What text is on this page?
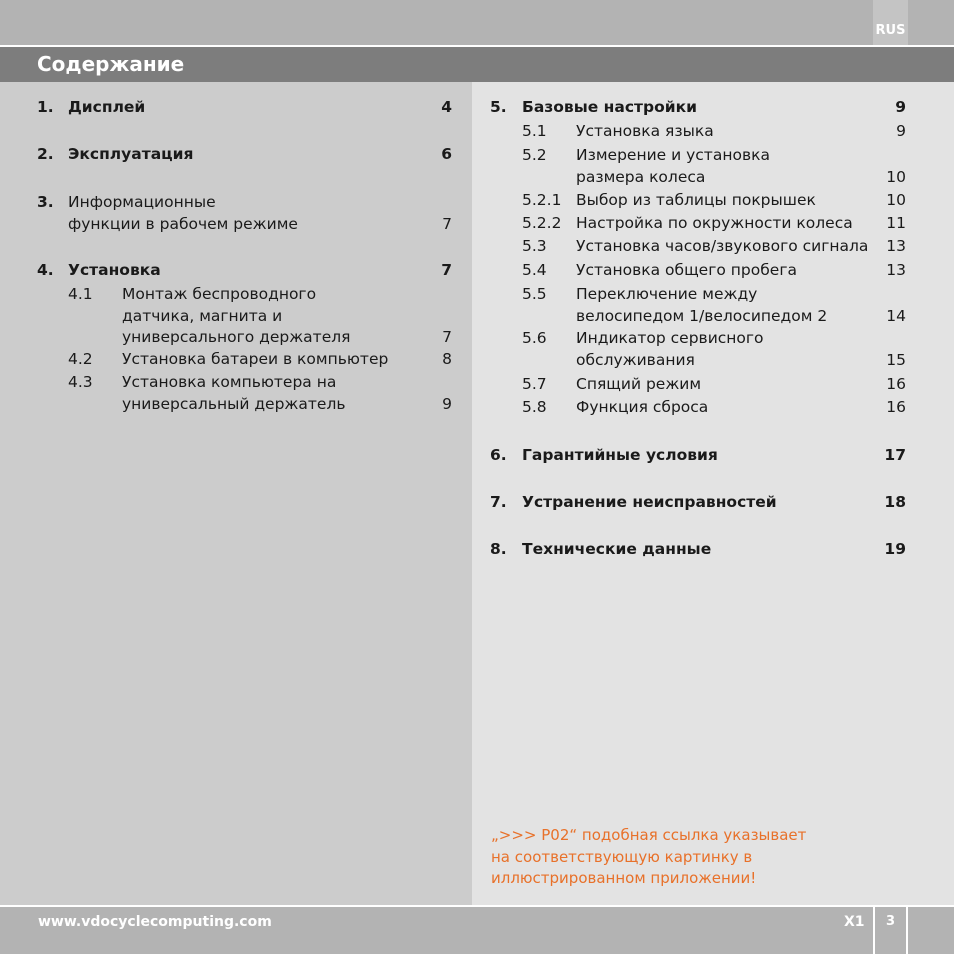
RUS
Содержание
1. Дисплей	4
2. Эксплуатация	6
3. Информационные
функции в рабочем режиме	7
4. Установка	7
4.1 Монтаж беспроводного
датчика, магнита и
универсального держателя	7
4.2 Установка батареи в компьютер	8
4.3 Установка компьютера на
универсальный держатель	9
5. Базовые настройки	9
5.1 Установка языка	9
5.2 Измерение и установка
размера колеса	10
5.2.1 Выбор из таблицы покрышек	10
5.2.2 Настройка по окружности колеса	11
5.3 Установка часов/звукового сигнала	13
5.4 Установка общего пробега	13
5.5 Переключение между
велосипедом 1/велосипедом 2	14
5.6 Индикатор сервисного
обслуживания	15
5.7 Спящий режим	16
5.8 Функция сброса	16
6. Гарантийные условия	17
7. Устранение неисправностей	18
8. Технические данные	19
„>>> P02“ подобная ссылка указывает
на соответствующую картинку в
иллюстрированном приложении!
www.vdocyclecomputing.com	X1	3
